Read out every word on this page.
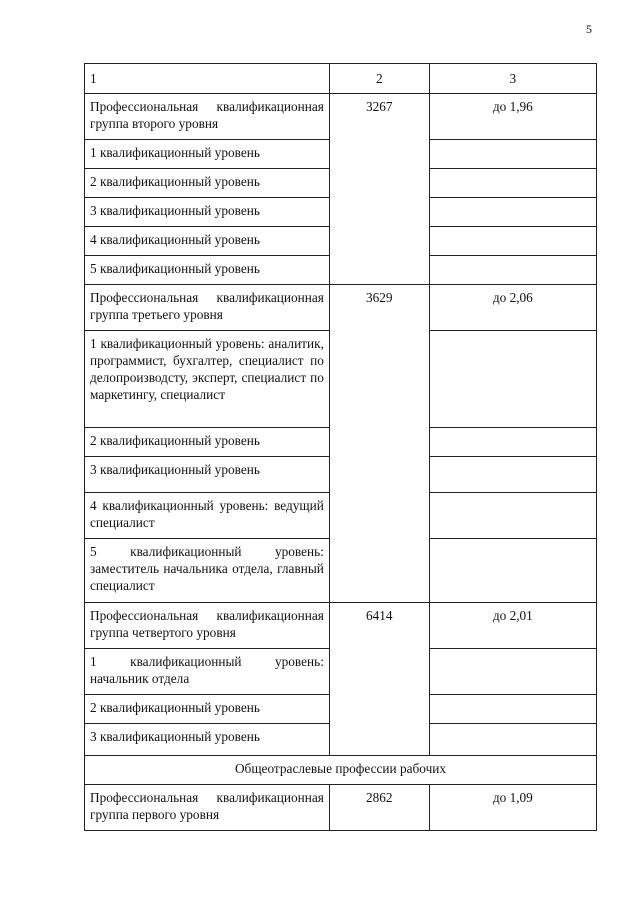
5
1	2	3
Профессиональная квалификационная группа второго уровня	3267	до 1,96
1 квалификационный уровень		
2 квалификационный уровень		
3 квалификационный уровень		
4 квалификационный уровень		
5 квалификационный уровень		
Профессиональная квалификационная группа третьего уровня	3629	до 2,06
1 квалификационный уровень: аналитик, программист, бухгалтер, специалист по делопроизводсту, эксперт, специалист по маркетингу, специалист		
2 квалификационный уровень		
3 квалификационный уровень		
4 квалификационный уровень: ведущий специалист		
5 квалификационный уровень: заместитель начальника отдела, главный специалист		
Профессиональная квалификационная группа четвертого уровня	6414	до 2,01
1 квалификационный уровень: начальник отдела		
2 квалификационный уровень		
3 квалификационный уровень		
Общеотраслевые профессии рабочих		
Профессиональная квалификационная группа первого уровня	2862	до 1,09
